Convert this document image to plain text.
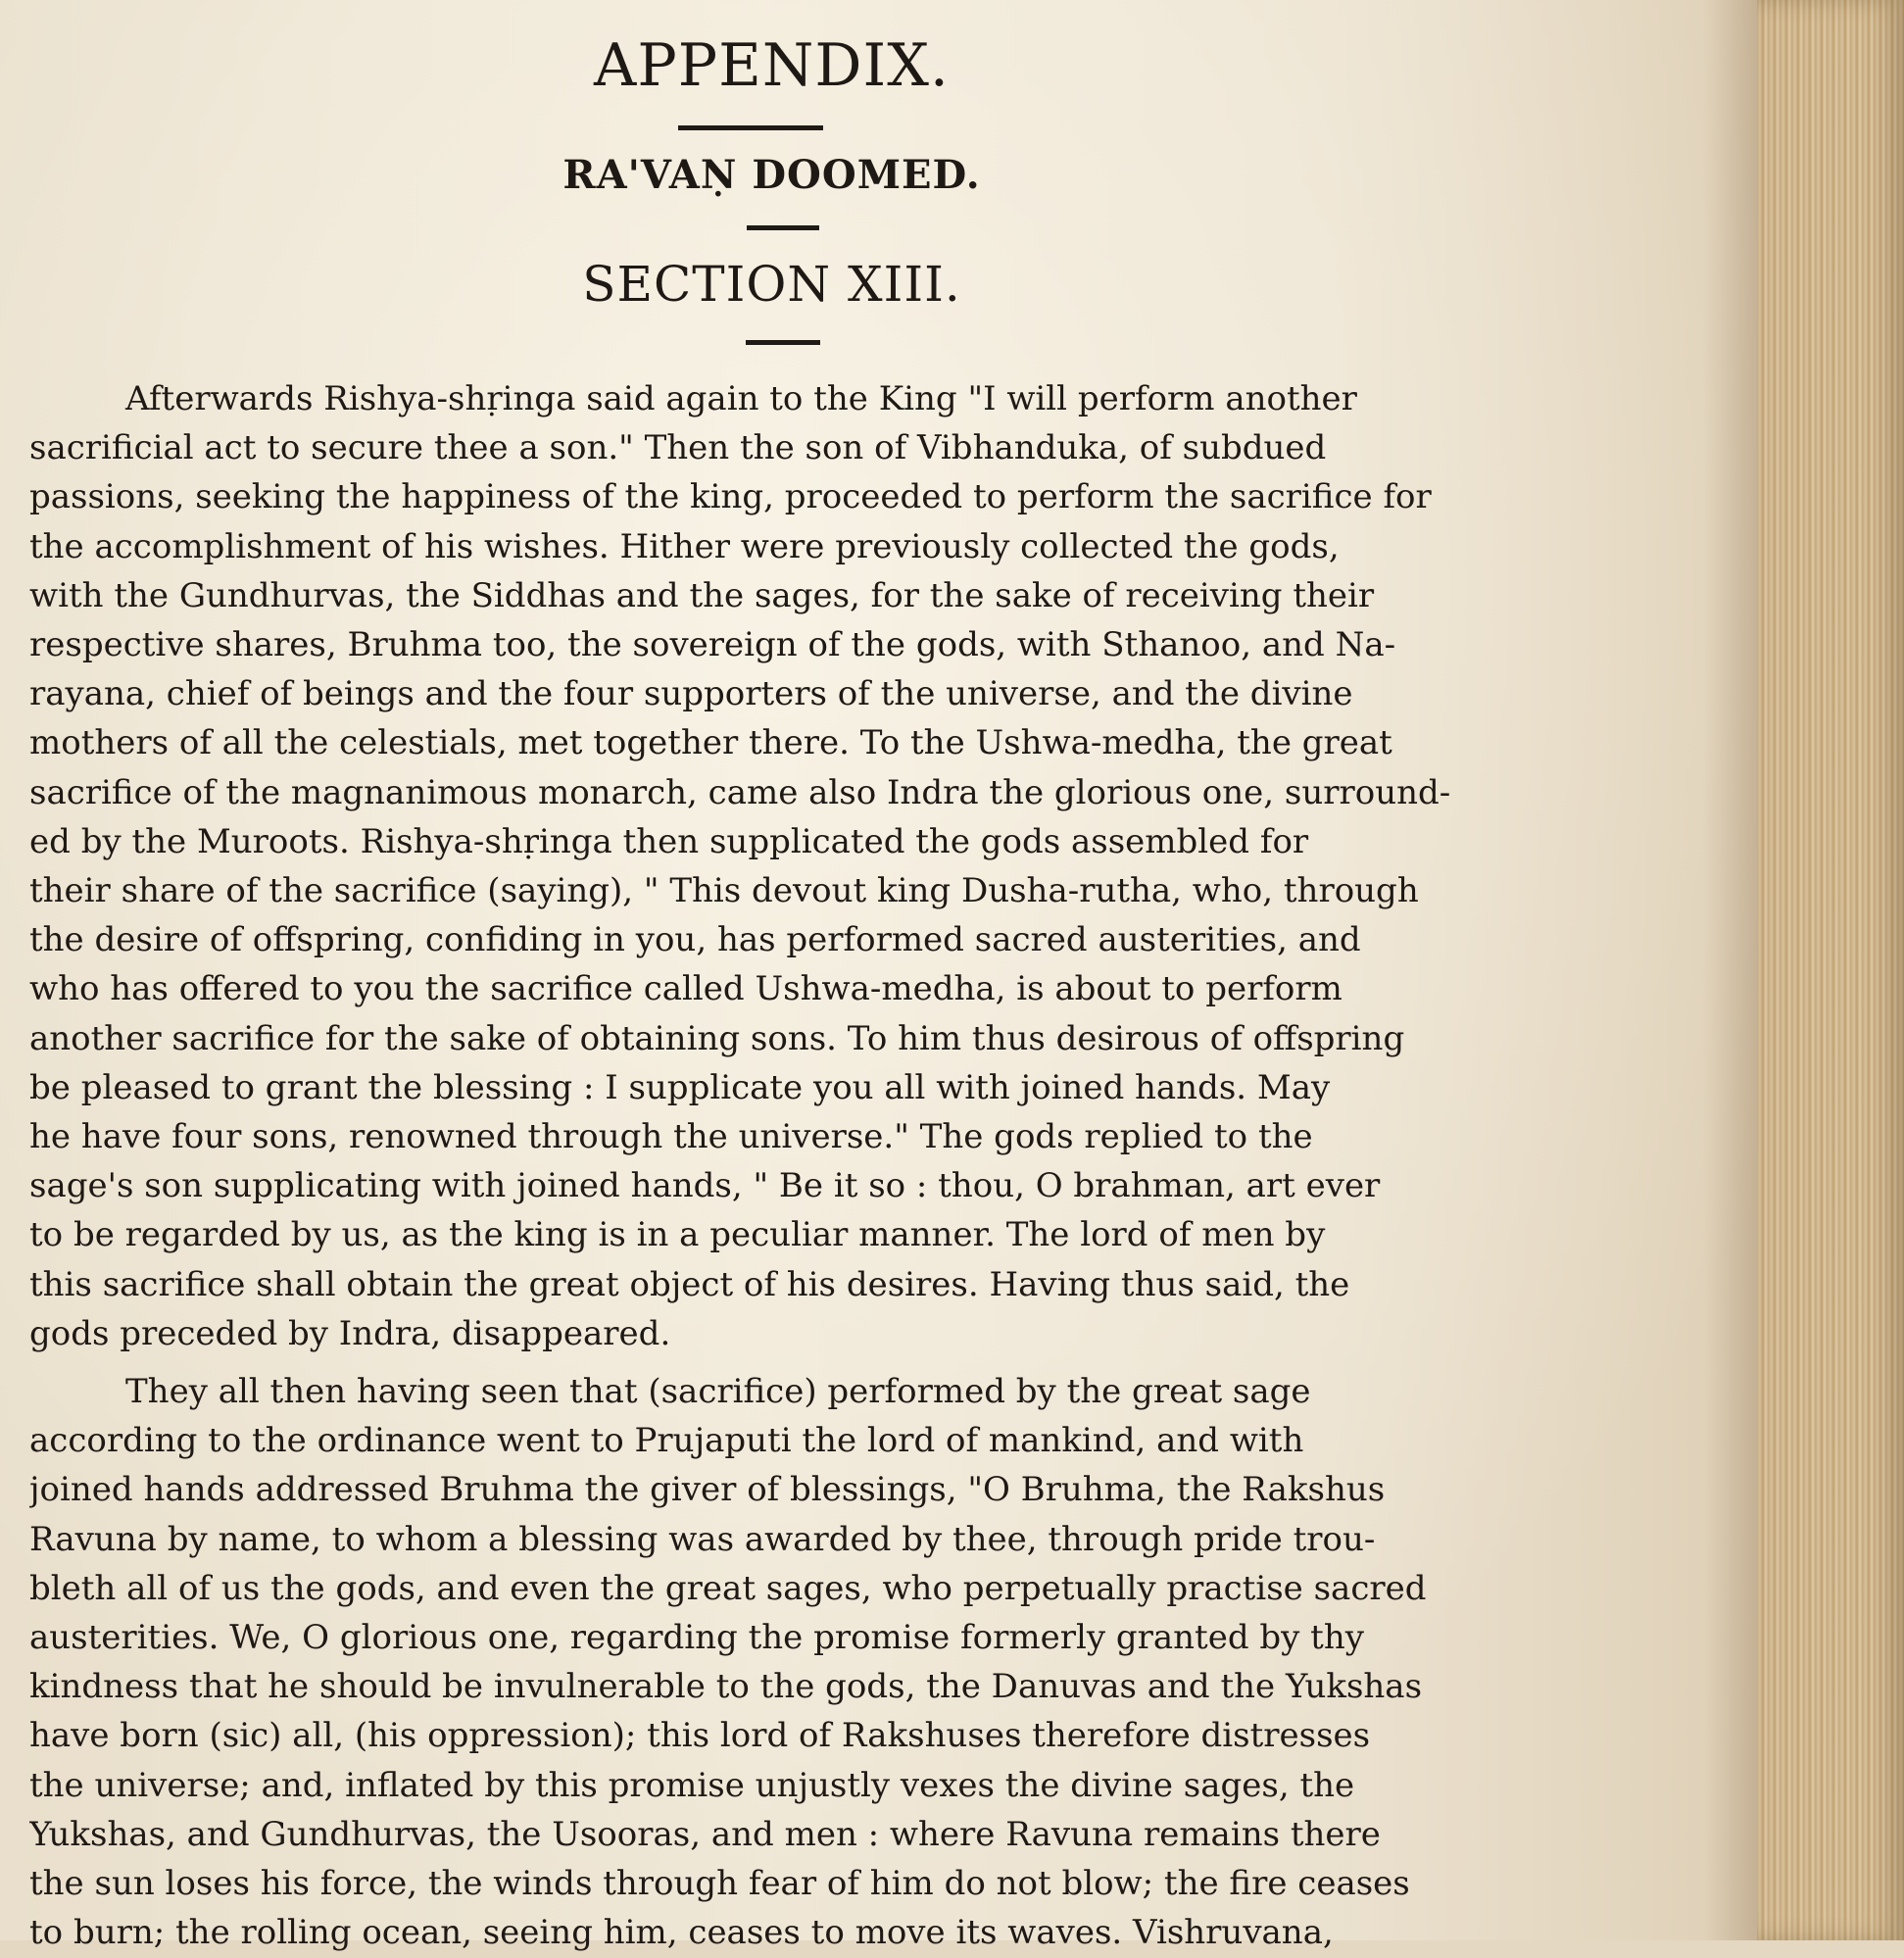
APPENDIX.
RA'VAṆ DOOMED.
SECTION XIII.
Afterwards Rishya-shṛinga said again to the King "I will perform another
sacrificial act to secure thee a son." Then the son of Vibhanduka, of subdued
passions, seeking the happiness of the king, proceeded to perform the sacrifice for
the accomplishment of his wishes. Hither were previously collected the gods,
with the Gundhurvas, the Siddhas and the sages, for the sake of receiving their
respective shares, Bruhma too, the sovereign of the gods, with Sthanoo, and Na-
rayana, chief of beings and the four supporters of the universe, and the divine
mothers of all the celestials, met together there. To the Ushwa-medha, the great
sacrifice of the magnanimous monarch, came also Indra the glorious one, surround-
ed by the Muroots. Rishya-shṛinga then supplicated the gods assembled for
their share of the sacrifice (saying), " This devout king Dusha-rutha, who, through
the desire of offspring, confiding in you, has performed sacred austerities, and
who has offered to you the sacrifice called Ushwa-medha, is about to perform
another sacrifice for the sake of obtaining sons. To him thus desirous of offspring
be pleased to grant the blessing : I supplicate you all with joined hands. May
he have four sons, renowned through the universe." The gods replied to the
sage's son supplicating with joined hands, " Be it so : thou, O brahman, art ever
to be regarded by us, as the king is in a peculiar manner. The lord of men by
this sacrifice shall obtain the great object of his desires. Having thus said, the
gods preceded by Indra, disappeared.
They all then having seen that (sacrifice) performed by the great sage
according to the ordinance went to Prujaputi the lord of mankind, and with
joined hands addressed Bruhma the giver of blessings, "O Bruhma, the Rakshus
Ravuna by name, to whom a blessing was awarded by thee, through pride trou-
bleth all of us the gods, and even the great sages, who perpetually practise sacred
austerities. We, O glorious one, regarding the promise formerly granted by thy
kindness that he should be invulnerable to the gods, the Danuvas and the Yukshas
have born (sic) all, (his oppression); this lord of Rakshuses therefore distresses
the universe; and, inflated by this promise unjustly vexes the divine sages, the
Yukshas, and Gundhurvas, the Usooras, and men : where Ravuna remains there
the sun loses his force, the winds through fear of him do not blow; the fire ceases
to burn; the rolling ocean, seeing him, ceases to move its waves. Vishruvana,
